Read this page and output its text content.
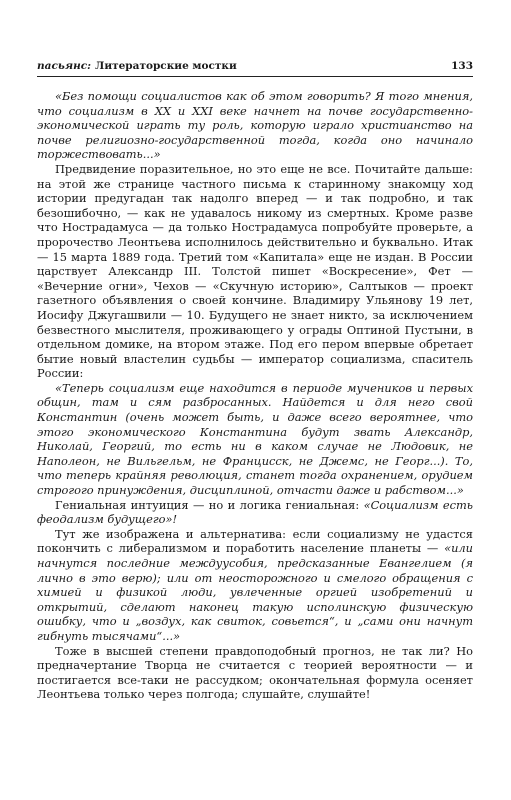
пасьянс: Литераторские мостки	133

«Без помощи социалистов как об этом говорить? Я того мнения, что социализм в XX и XXI веке начнет на почве государственно-экономической играть ту роль, которую играло христианство на почве религиозно-государственной тогда, когда оно начинало торжествовать...»

Предвидение поразительное, но это еще не все. Почитайте дальше: на этой же странице частного письма к старинному знакомцу ход истории предугадан так надолго вперед — и так подробно, и так безошибочно, — как не удавалось никому из смертных. Кроме разве что Нострадамуса — да только Нострадамуса попробуйте проверьте, а пророчество Леонтьева исполнилось действительно и буквально. Итак — 15 марта 1889 года. Третий том «Капитала» еще не издан. В России царствует Александр III. Толстой пишет «Воскресение», Фет — «Вечерние огни», Чехов — «Скучную историю», Салтыков — проект газетного объявления о своей кончине. Владимиру Ульянову 19 лет, Иосифу Джугашвили — 10. Будущего не знает никто, за исключением безвестного мыслителя, проживающего у ограды Оптиной Пустыни, в отдельном домике, на втором этаже. Под его пером впервые обретает бытие новый властелин судьбы — император социализма, спаситель России:

«Теперь социализм еще находится в периоде мучеников и первых общин, там и сям разбросанных. Найдется и для него свой Константин (очень может быть, и даже всего вероятнее, что этого экономического Константина будут звать Александр, Николай, Георгий, то есть ни в каком случае не Людовик, не Наполеон, не Вильгельм, не Францисск, не Джемс, не Георг...). То, что теперь крайняя революция, станет тогда охранением, орудием строгого принуждения, дисциплиной, отчасти даже и рабством...»

Гениальная интуиция — но и логика гениальная: «Социализм есть феодализм будущего»!

Тут же изображена и альтернатива: если социализму не удастся покончить с либерализмом и поработить население планеты — «или начнутся последние междуусобия, предсказанные Евангелием (я лично в это верю); или от неосторожного и смелого обращения с химией и физикой люди, увлеченные оргией изобретений и открытий, сделают наконец такую исполинскую физическую ошибку, что и „воздух, как свиток, совьется“, и „сами они начнут гибнуть тысячами“...»

Тоже в высшей степени правдоподобный прогноз, не так ли? Но предначертание Творца не считается с теорией вероятности — и постигается все-таки не рассудком; окончательная формула осеняет Леонтьева только через полгода; слушайте, слушайте!
